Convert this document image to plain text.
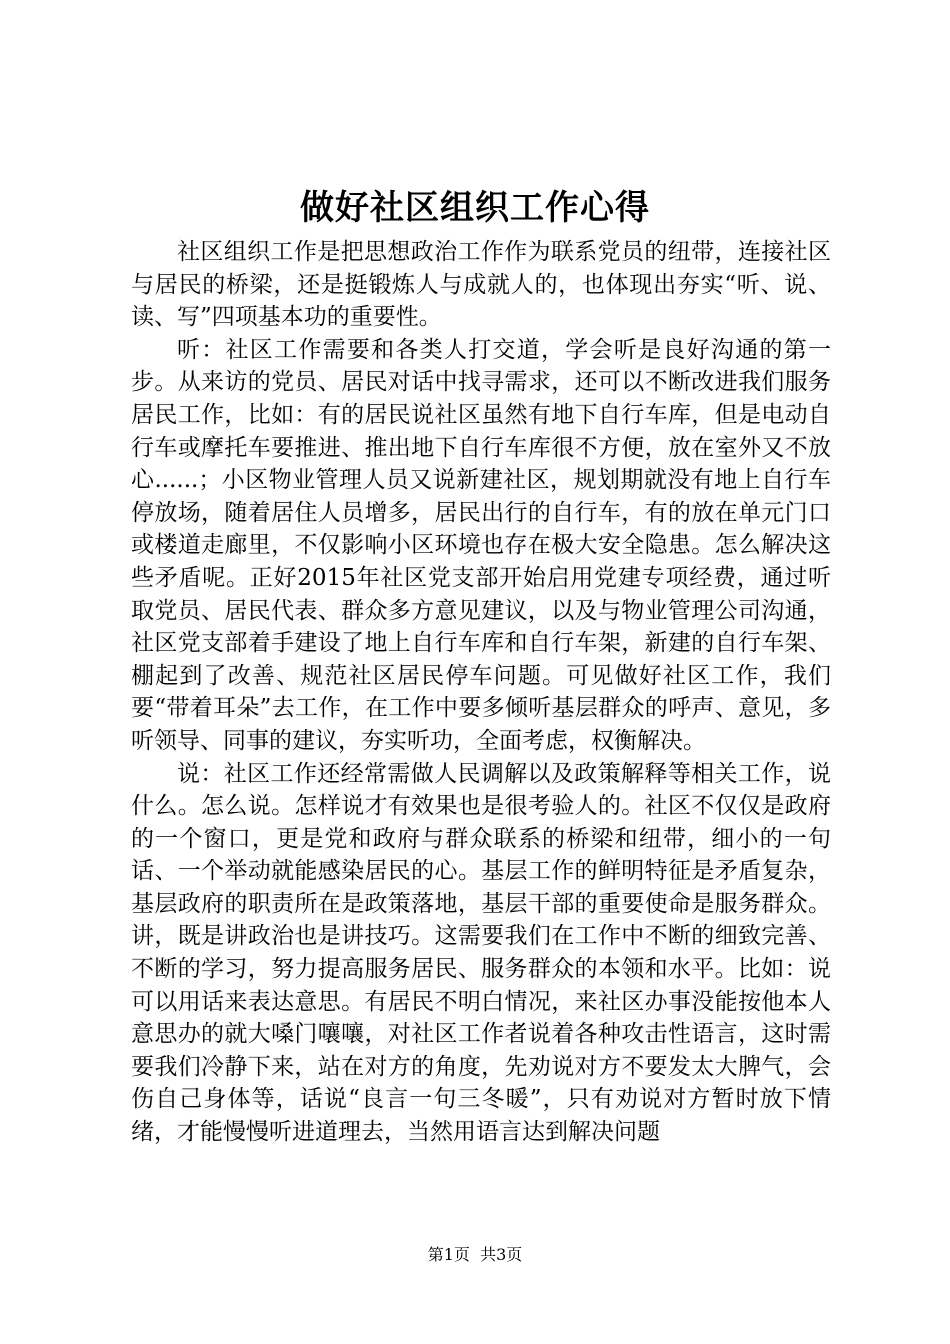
做好社区组织工作心得

社区组织工作是把思想政治工作作为联系党员的纽带，连接社区与居民的桥梁，还是挺锻炼人与成就人的，也体现出夯实“听、说、读、写”四项基本功的重要性。

听：社区工作需要和各类人打交道，学会听是良好沟通的第一步。从来访的党员、居民对话中找寻需求，还可以不断改进我们服务居民工作，比如：有的居民说社区虽然有地下自行车库，但是电动自行车或摩托车要推进、推出地下自行车库很不方便，放在室外又不放心......；小区物业管理人员又说新建社区，规划期就没有地上自行车停放场，随着居住人员增多，居民出行的自行车，有的放在单元门口或楼道走廊里，不仅影响小区环境也存在极大安全隐患。怎么解决这些矛盾呢。正好2015年社区党支部开始启用党建专项经费，通过听取党员、居民代表、群众多方意见建议，以及与物业管理公司沟通，社区党支部着手建设了地上自行车库和自行车架，新建的自行车架、棚起到了改善、规范社区居民停车问题。可见做好社区工作，我们要“带着耳朵”去工作，在工作中要多倾听基层群众的呼声、意见，多听领导、同事的建议，夯实听功，全面考虑，权衡解决。

说：社区工作还经常需做人民调解以及政策解释等相关工作，说什么。怎么说。怎样说才有效果也是很考验人的。社区不仅仅是政府的一个窗口，更是党和政府与群众联系的桥梁和纽带，细小的一句话、一个举动就能感染居民的心。基层工作的鲜明特征是矛盾复杂，基层政府的职责所在是政策落地，基层干部的重要使命是服务群众。讲，既是讲政治也是讲技巧。这需要我们在工作中不断的细致完善、不断的学习，努力提高服务居民、服务群众的本领和水平。比如：说可以用话来表达意思。有居民不明白情况，来社区办事没能按他本人意思办的就大嗓门嚷嚷，对社区工作者说着各种攻击性语言，这时需要我们冷静下来，站在对方的角度，先劝说对方不要发太大脾气，会伤自己身体等，话说“良言一句三冬暖”，只有劝说对方暂时放下情绪，才能慢慢听进道理去，当然用语言达到解决问题

第1页 共3页
